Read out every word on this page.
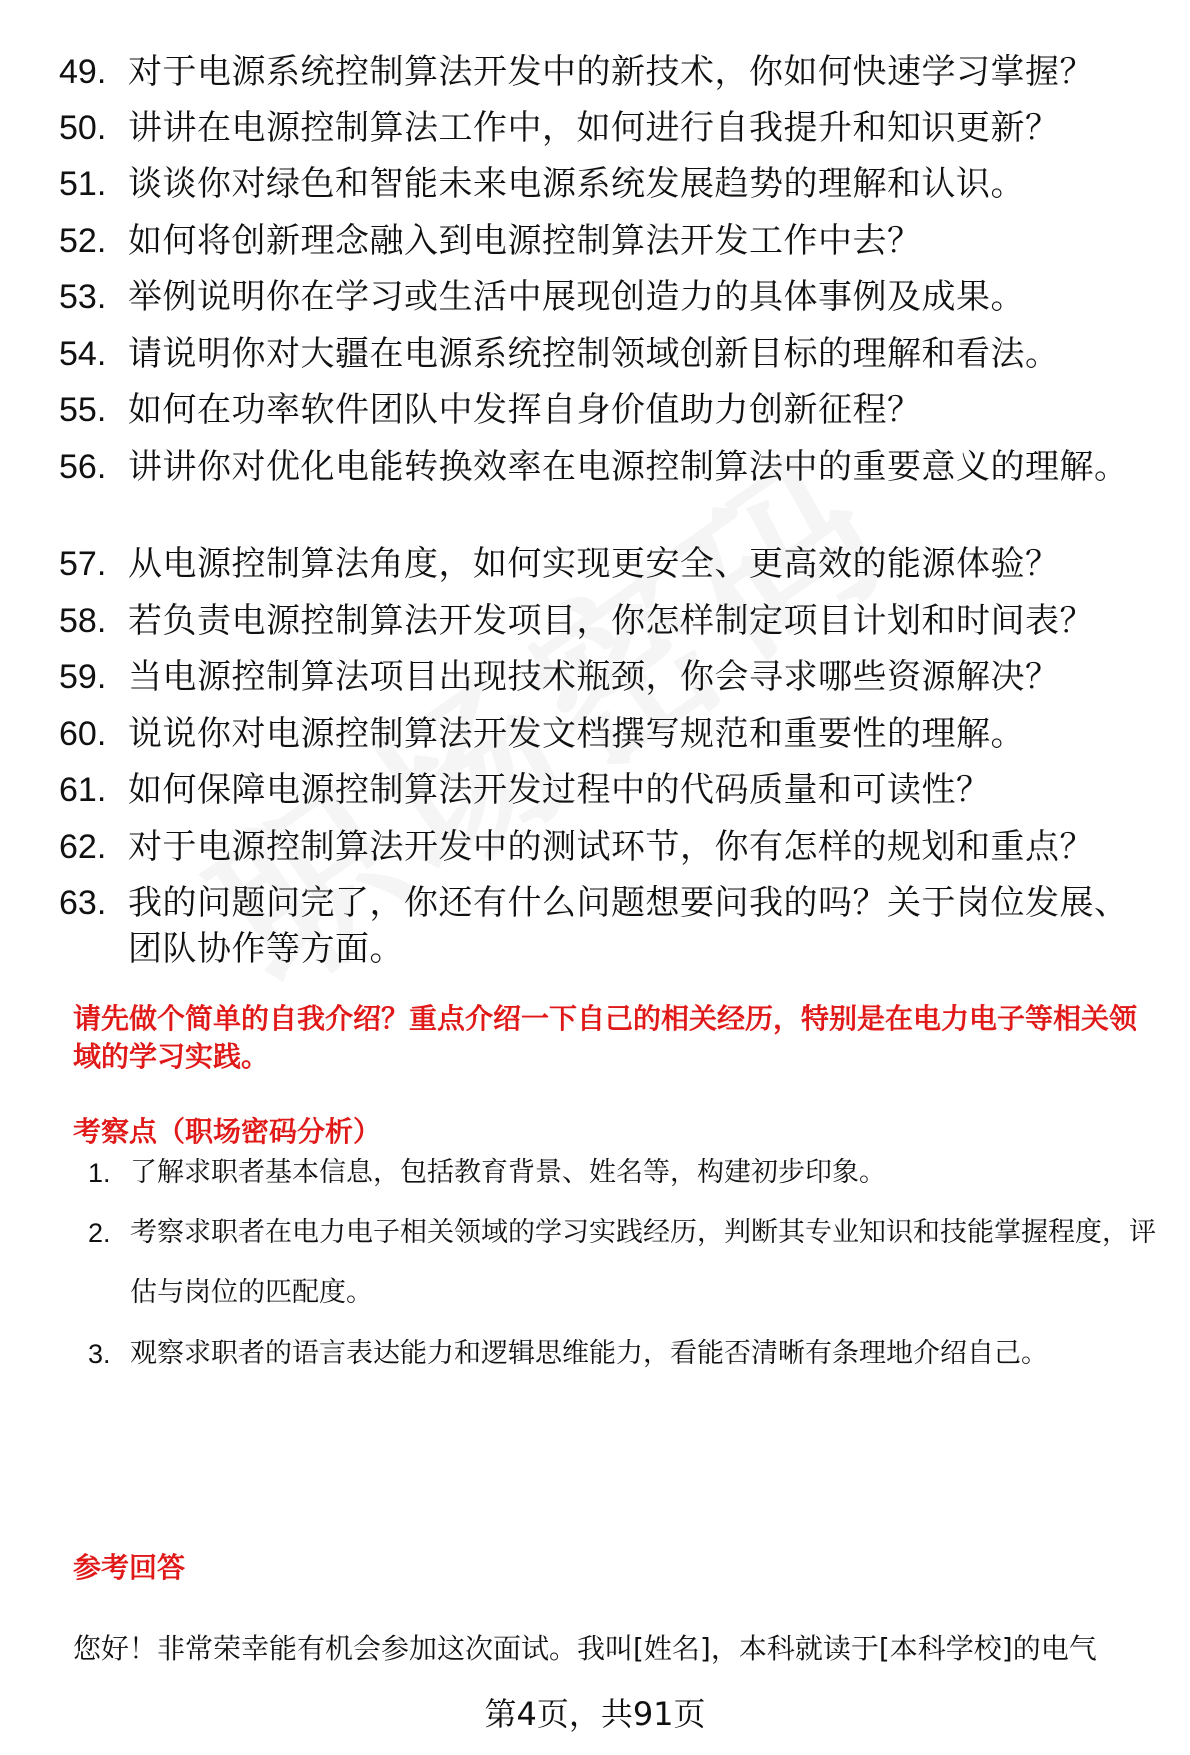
49. 对于电源系统控制算法开发中的新技术，你如何快速学习掌握？
50. 讲讲在电源控制算法工作中，如何进行自我提升和知识更新？
51. 谈谈你对绿色和智能未来电源系统发展趋势的理解和认识。
52. 如何将创新理念融入到电源控制算法开发工作中去？
53. 举例说明你在学习或生活中展现创造力的具体事例及成果。
54. 请说明你对大疆在电源系统控制领域创新目标的理解和看法。
55. 如何在功率软件团队中发挥自身价值助力创新征程？
56. 讲讲你对优化电能转换效率在电源控制算法中的重要意义的理解。
57. 从电源控制算法角度，如何实现更安全、更高效的能源体验？
58. 若负责电源控制算法开发项目，你怎样制定项目计划和时间表？
59. 当电源控制算法项目出现技术瓶颈，你会寻求哪些资源解决？
60. 说说你对电源控制算法开发文档撰写规范和重要性的理解。
61. 如何保障电源控制算法开发过程中的代码质量和可读性？
62. 对于电源控制算法开发中的测试环节，你有怎样的规划和重点？
63. 我的问题问完了，你还有什么问题想要问我的吗？关于岗位发展、团队协作等方面。
请先做个简单的自我介绍？重点介绍一下自己的相关经历，特别是在电力电子等相关领域的学习实践。
考察点（职场密码分析）
1. 了解求职者基本信息，包括教育背景、姓名等，构建初步印象。
2. 考察求职者在电力电子相关领域的学习实践经历，判断其专业知识和技能掌握程度，评估与岗位的匹配度。
3. 观察求职者的语言表达能力和逻辑思维能力，看能否清晰有条理地介绍自己。
参考回答
您好！非常荣幸能有机会参加这次面试。我叫[姓名]，本科就读于[本科学校]的电气
第4页，共91页
